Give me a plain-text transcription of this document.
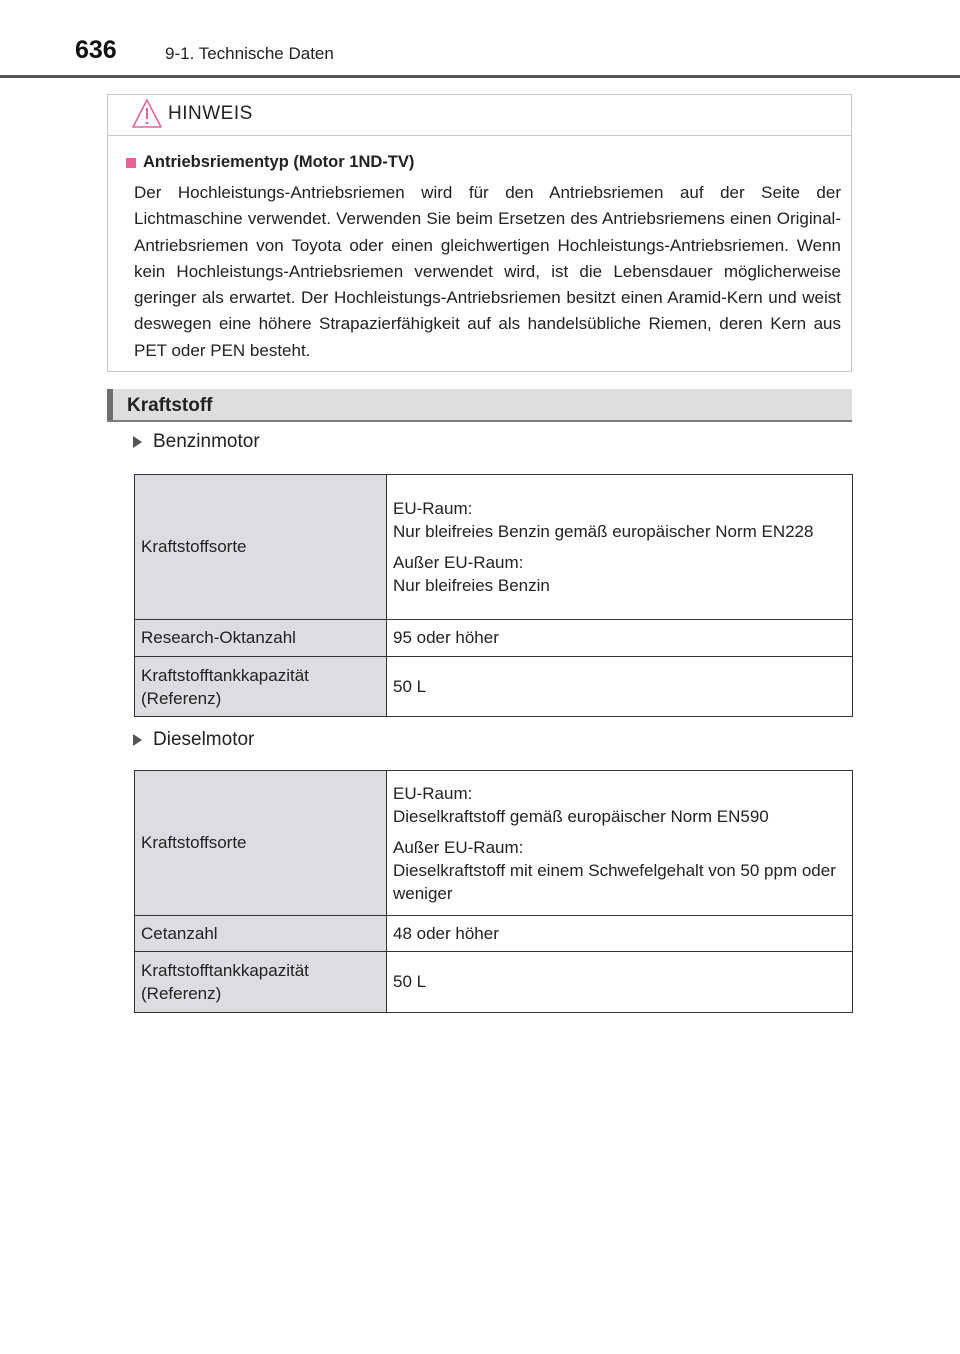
636	9-1. Technische Daten
HINWEIS
Antriebsriementyp (Motor 1ND-TV)
Der Hochleistungs-Antriebsriemen wird für den Antriebsriemen auf der Seite der Lichtmaschine verwendet. Verwenden Sie beim Ersetzen des Antriebsriemens einen Original-Antriebsriemen von Toyota oder einen gleichwertigen Hochleistungs-Antriebsriemen. Wenn kein Hochleistungs-Antriebsriemen verwendet wird, ist die Lebensdauer möglicherweise geringer als erwartet. Der Hochleistungs-Antriebsriemen besitzt einen Aramid-Kern und weist deswegen eine höhere Strapazierfähigkeit auf als handelsübliche Riemen, deren Kern aus PET oder PEN besteht.
Kraftstoff
Benzinmotor
Kraftstoffsorte	EU-Raum:
Nur bleifreies Benzin gemäß europäischer Norm EN228
Außer EU-Raum:
Nur bleifreies Benzin

Research-Oktanzahl	95 oder höher
Kraftstofftankkapazität
(Referenz)	50 L
Dieselmotor
Kraftstoffsorte	EU-Raum:
Dieselkraftstoff gemäß europäischer Norm EN590
Außer EU-Raum:
Dieselkraftstoff mit einem Schwefelgehalt von 50 ppm oder weniger

Cetanzahl	48 oder höher
Kraftstofftankkapazität
(Referenz)	50 L
